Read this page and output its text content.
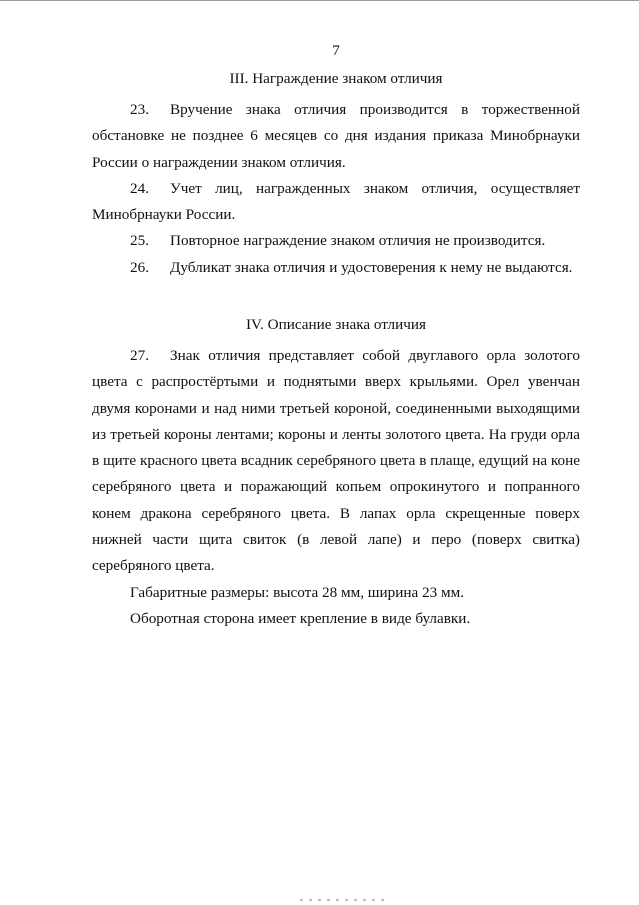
7
III. Награждение знаком отличия

23. Вручение знака отличия производится в торжественной

обстановке не позднее 6 месяцев со дня издания приказа Минобрнауки

России о награждении знаком отличия.

24. Учет лиц, награжденных знаком отличия, осуществляет

Минобрнауки России.

25. Повторное награждение знаком отличия не производится.

26. Дубликат знака отличия и удостоверения к нему не выдаются.

IV. Описание знака отличия

27. Знак отличия представляет собой двуглавого орла золотого

цвета с распростёртыми и поднятыми вверх крыльями. Орел увенчан

двумя коронами и над ними третьей короной, соединенными выходящими

из третьей короны лентами; короны и ленты золотого цвета. На груди орла

в щите красного цвета всадник серебряного цвета в плаще, едущий на коне

серебряного цвета и поражающий копьем опрокинутого и попранного

конем дракона серебряного цвета. В лапах орла скрещенные поверх

нижней части щита свиток (в левой лапе) и перо (поверх свитка)

серебряного цвета.

Габаритные размеры: высота 28 мм, ширина 23 мм.

Оборотная сторона имеет крепление в виде булавки.
